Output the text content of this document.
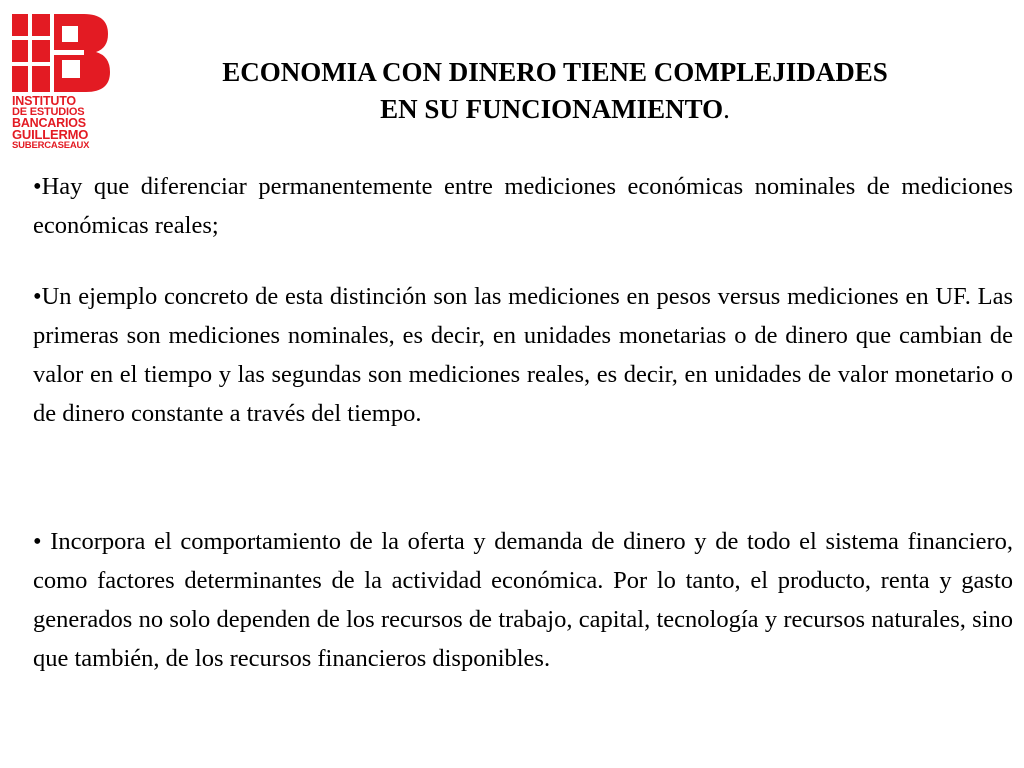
INSTITUTO
DE ESTUDIOS
BANCARIOS
GUILLERMO
SUBERCASEAUX
ECONOMIA CON DINERO TIENE COMPLEJIDADES
EN SU FUNCIONAMIENTO.
•Hay que diferenciar permanentemente entre mediciones económicas nominales de mediciones económicas reales;
•Un ejemplo concreto de esta distinción son las mediciones en pesos versus mediciones en UF. Las primeras son mediciones nominales, es decir, en unidades monetarias o de dinero que cambian de valor en el tiempo y las segundas son mediciones reales, es decir, en unidades de valor monetario o de dinero constante a través del tiempo.
• Incorpora el comportamiento de la oferta y demanda de dinero y de todo el sistema financiero, como factores determinantes de la actividad económica. Por lo tanto, el producto, renta y gasto generados no solo dependen de los recursos de trabajo, capital, tecnología y recursos naturales, sino que también, de los recursos financieros disponibles.
